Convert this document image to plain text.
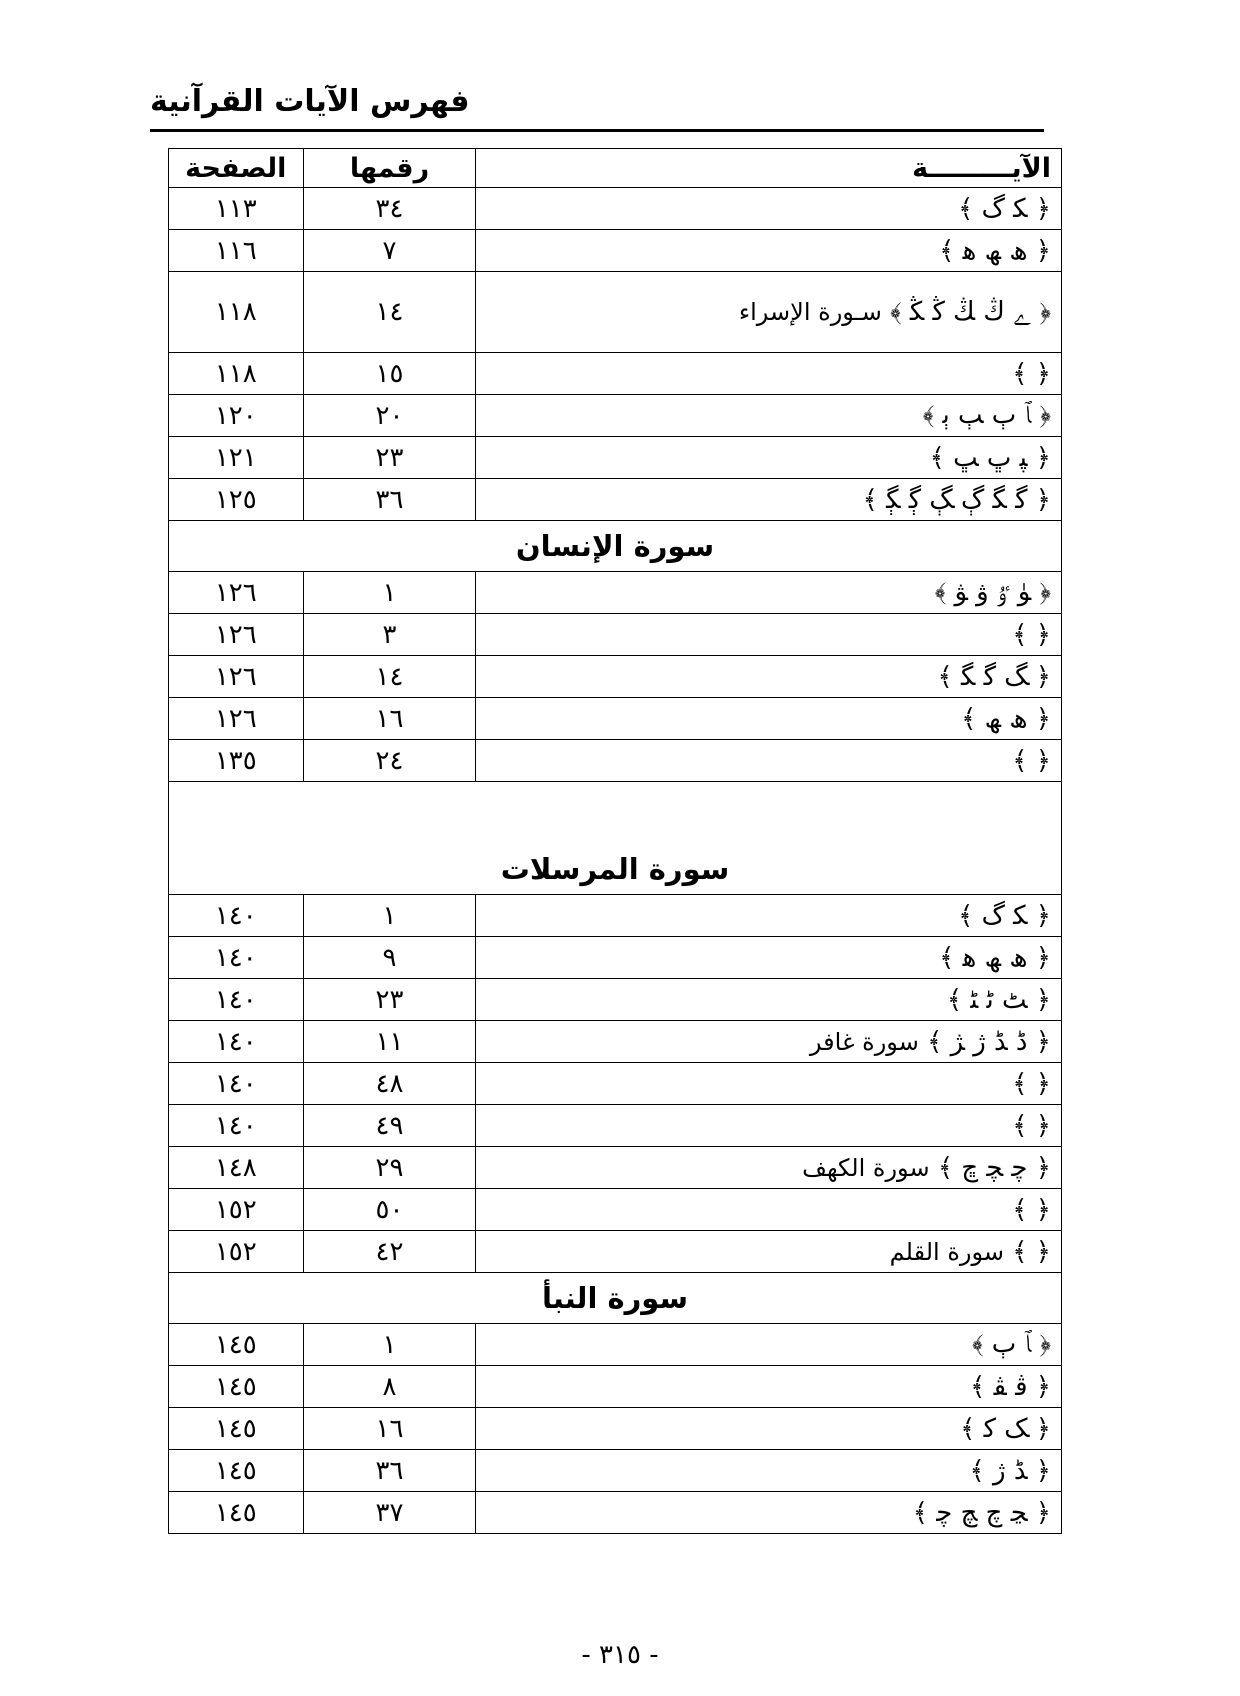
فهرس الآيات القرآنية
الآيـــــــــة	رقمها	الصفحة
﴿ ﮑ ﮒ ﴾	٣٤	١١٣
﴿ ﮪ ﮫ ﮬ ﴾	٧	١١٦
﴿ ﮮ ﯓ ﯔ ﯕ ﯖ ﴾ سـورة الإسراء	١٤	١١٨
﴿ ﴾	١٥	١١٨
﴿ ﭑ ﭒ ﭓ ﭔ ﴾	٢٠	١٢٠
﴿ ﭙ ﭚ ﭛ ﴾	٢٣	١٢١
﴿ ﮔ ﮕ ﮖ ﮗ ﮘ ﮙ ﴾	٣٦	١٢٥
سورة الإنسان		
﴿ ﯜ ﯝ ﯞ ﯟ ﴾	١	١٢٦
﴿ ﴾	٣	١٢٦
﴿ ﮓ ﮔ ﮕ ﴾	١٤	١٢٦
﴿ ﮪ ﮫ ﴾	١٦	١٢٦
﴿ ﴾	٢٤	١٣٥
سورة المرسلات		
﴿ ﮑ ﮒ ﴾	١	١٤٠
﴿ ﮪ ﮫ ﮬ ﴾	٩	١٤٠
﴿ ﭧ ﭨ ﭩ ﴾	٢٣	١٤٠
﴿ ﮈ ﮉ ﮊ ﮋ ﴾ سورة غافر	١١	١٤٠
﴿ ﴾	٤٨	١٤٠
﴿ ﴾	٤٩	١٤٠
﴿ ﭼ ﭽ ﭾ ﴾ سورة الكهف	٢٩	١٤٨
﴿ ﴾	٥٠	١٥٢
﴿ ﴾ سورة القلم	٤٢	١٥٢
سورة النبأ		
﴿ ﭑ ﭒ ﴾	١	١٤٥
﴿ ﭬ ﭭ ﴾	٨	١٤٥
﴿ ﮏ ﮐ ﴾	١٦	١٤٥
﴿ ﮉ ﮊ ﴾	٣٦	١٤٥
﴿ ﭹ ﭺ ﭻ ﭼ ﴾	٣٧	١٤٥
- ٣١٥ -
